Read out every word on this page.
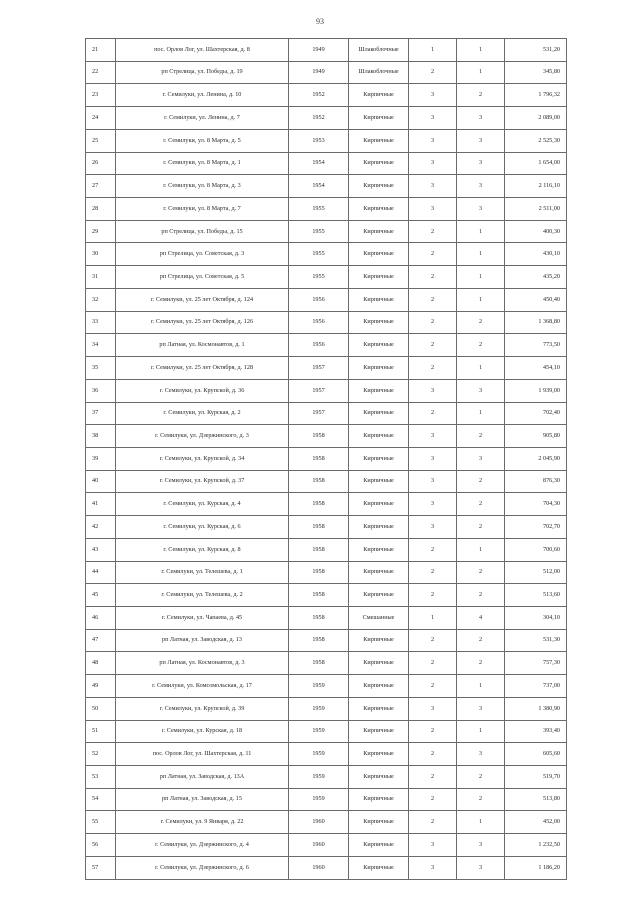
93
21	пос. Орлов Лог, ул. Шахтерская, д. 8	1949	Шлакоблочные	1	1	531,20
22	рп Стрелица, ул. Победы, д. 19	1949	Шлакоблочные	2	1	345,80
23	г. Семилуки, ул. Ленина, д. 10	1952	Кирпичные	3	2	1 796,32
24	г. Семилуки, ул. Ленина, д. 7	1952	Кирпичные	3	3	2 089,00
25	г. Семилуки, ул. 8 Марта, д. 5	1953	Кирпичные	3	3	2 525,30
26	г. Семилуки, ул. 8 Марта, д. 1	1954	Кирпичные	3	3	1 654,00
27	г. Семилуки, ул. 8 Марта, д. 3	1954	Кирпичные	3	3	2 116,10
28	г. Семилуки, ул. 8 Марта, д. 7	1955	Кирпичные	3	3	2 511,00
29	рп Стрелица, ул. Победы, д. 15	1955	Кирпичные	2	1	400,30
30	рп Стрелица, ул. Советская, д. 3	1955	Кирпичные	2	1	430,10
31	рп Стрелица, ул. Советская, д. 5	1955	Кирпичные	2	1	435,20
32	г. Семилуки, ул. 25 лет Октября, д. 124	1956	Кирпичные	2	1	450,40
33	г. Семилуки, ул. 25 лет Октября, д. 126	1956	Кирпичные	2	2	1 368,80
34	рп Латная, ул. Космонавтов, д. 1	1956	Кирпичные	2	2	773,50
35	г. Семилуки, ул. 25 лет Октября, д. 128	1957	Кирпичные	2	1	454,10
36	г. Семилуки, ул. Крупской, д. 36	1957	Кирпичные	3	3	1 939,00
37	г. Семилуки, ул. Курская, д. 2	1957	Кирпичные	2	1	702,40
38	г. Семилуки, ул. Дзержинского, д. 3	1958	Кирпичные	3	2	905,80
39	г. Семилуки, ул. Крупской, д. 34	1958	Кирпичные	3	3	2 045,90
40	г. Семилуки, ул. Крупской, д. 37	1958	Кирпичные	3	2	876,30
41	г. Семилуки, ул. Курская, д. 4	1958	Кирпичные	3	2	704,30
42	г. Семилуки, ул. Курская, д. 6	1958	Кирпичные	3	2	702,70
43	г. Семилуки, ул. Курская, д. 8	1958	Кирпичные	2	1	700,60
44	г. Семилуки, ул. Телешева, д. 1	1958	Кирпичные	2	2	512,00
45	г. Семилуки, ул. Телешева, д. 2	1958	Кирпичные	2	2	513,60
46	г. Семилуки, ул. Чапаева, д. 45	1958	Смешанные	1	4	304,10
47	рп Латная, ул. Заводская, д. 13	1958	Кирпичные	2	2	531,30
48	рп Латная, ул. Космонавтов, д. 3	1958	Кирпичные	2	2	757,30
49	г. Семилуки, ул. Комсомольская, д. 17	1959	Кирпичные	2	1	737,00
50	г. Семилуки, ул. Крупской, д. 39	1959	Кирпичные	3	3	1 380,90
51	г. Семилуки, ул. Курская, д. 18	1959	Кирпичные	2	1	393,40
52	пос. Орлов Лог, ул. Шахтерская, д. 11	1959	Кирпичные	2	3	605,60
53	рп Латная, ул. Заводская, д. 13А	1959	Кирпичные	2	2	519,70
54	рп Латная, ул. Заводская, д. 15	1959	Кирпичные	2	2	513,80
55	г. Семилуки, ул. 9 Января, д. 22	1960	Кирпичные	2	1	452,00
56	г. Семилуки, ул. Дзержинского, д. 4	1960	Кирпичные	3	3	1 232,50
57	г. Семилуки, ул. Дзержинского, д. 6	1960	Кирпичные	3	3	1 186,20
